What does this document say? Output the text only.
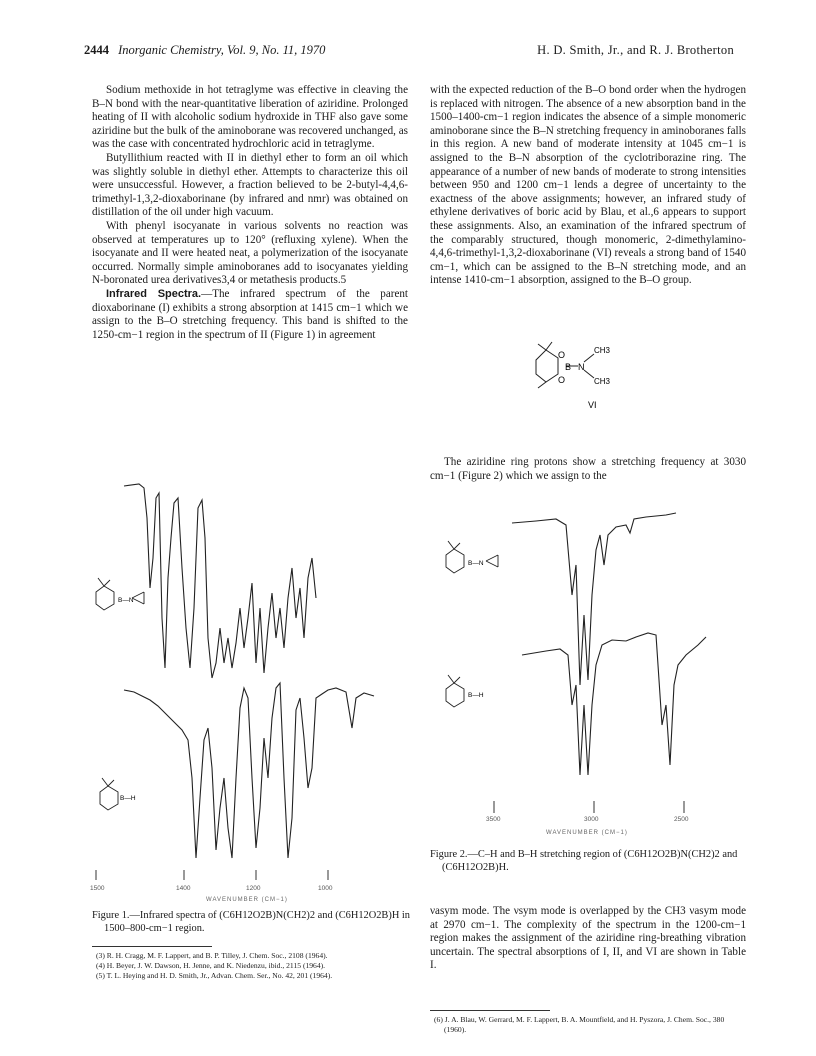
2444 Inorganic Chemistry, Vol. 9, No. 11, 1970	H. D. Smith, Jr., and R. J. Brotherton

Sodium methoxide in hot tetraglyme was effective in cleaving the B–N bond with the near-quantitative liberation of aziridine. Prolonged heating of II with alcoholic sodium hydroxide in THF also gave some aziridine but the bulk of the aminoborane was recovered unchanged, as was the case with concentrated hydrochloric acid in tetraglyme.

Butyllithium reacted with II in diethyl ether to form an oil which was slightly soluble in diethyl ether. Attempts to characterize this oil were unsuccessful. However, a fraction believed to be 2-butyl-4,4,6-trimethyl-1,3,2-dioxaborinane (by infrared and nmr) was obtained on distillation of the oil under high vacuum.

With phenyl isocyanate in various solvents no reaction was observed at temperatures up to 120° (refluxing xylene). When the isocyanate and II were heated neat, a polymerization of the isocyanate occurred. Normally simple aminoboranes add to isocyanates yielding N-boronated urea derivatives3,4 or metathesis products.5

Infrared Spectra.—The infrared spectrum of the parent dioxaborinane (I) exhibits a strong absorption at 1415 cm−1 which we assign to the B–O stretching frequency. This band is shifted to the 1250-cm−1 region in the spectrum of II (Figure 1) in agreement

with the expected reduction of the B–O bond order when the hydrogen is replaced with nitrogen. The absence of a new absorption band in the 1500–1400-cm−1 region indicates the absence of a simple monomeric aminoborane since the B–N stretching frequency in aminoboranes falls in this region. A new band of moderate intensity at 1045 cm−1 is assigned to the B–N absorption of the cyclotriborazine ring. The appearance of a number of new bands of moderate to strong intensities between 950 and 1200 cm−1 lends a degree of uncertainty to the exactness of the above assignments; however, an infrared study of ethylene derivatives of boric acid by Blau, et al.,6 appears to support these assignments. Also, an examination of the infrared spectrum of the comparably structured, though monomeric, 2-dimethylamino-4,4,6-trimethyl-1,3,2-dioxaborinane (VI) reveals a strong band of 1540 cm−1, which can be assigned to the B–N stretching mode, and an intense 1410-cm−1 absorption, assigned to the B–O group.

O
O
B N
CH3
CH3
VI

The aziridine ring protons show a stretching frequency at 3030 cm−1 (Figure 2) which we assign to the

B—N
B—H
1500	1400	1200	1000
WAVENUMBER (CM−1)
Figure 1.—Infrared spectra of (C6H12O2B)N(CH2)2 and (C6H12O2B)H in 1500–800-cm−1 region.

(3) R. H. Cragg, M. F. Lappert, and B. P. Tilley, J. Chem. Soc., 2108 (1964).

(4) H. Beyer, J. W. Dawson, H. Jenne, and K. Niedenzu, ibid., 2115 (1964).

(5) T. L. Heying and H. D. Smith, Jr., Advan. Chem. Ser., No. 42, 201 (1964).

B—N
B—H
3500	3000	2500
WAVENUMBER (CM−1)
Figure 2.—C–H and B–H stretching region of (C6H12O2B)N(CH2)2 and (C6H12O2B)H.

νasym mode. The νsym mode is overlapped by the CH3 νasym mode at 2970 cm−1. The complexity of the spectrum in the 1200-cm−1 region makes the assignment of the aziridine ring-breathing vibration uncertain. The spectral absorptions of I, II, and VI are shown in Table I.

(6) J. A. Blau, W. Gerrard, M. F. Lappert, B. A. Mountfield, and H. Pyszora, J. Chem. Soc., 380 (1960).
